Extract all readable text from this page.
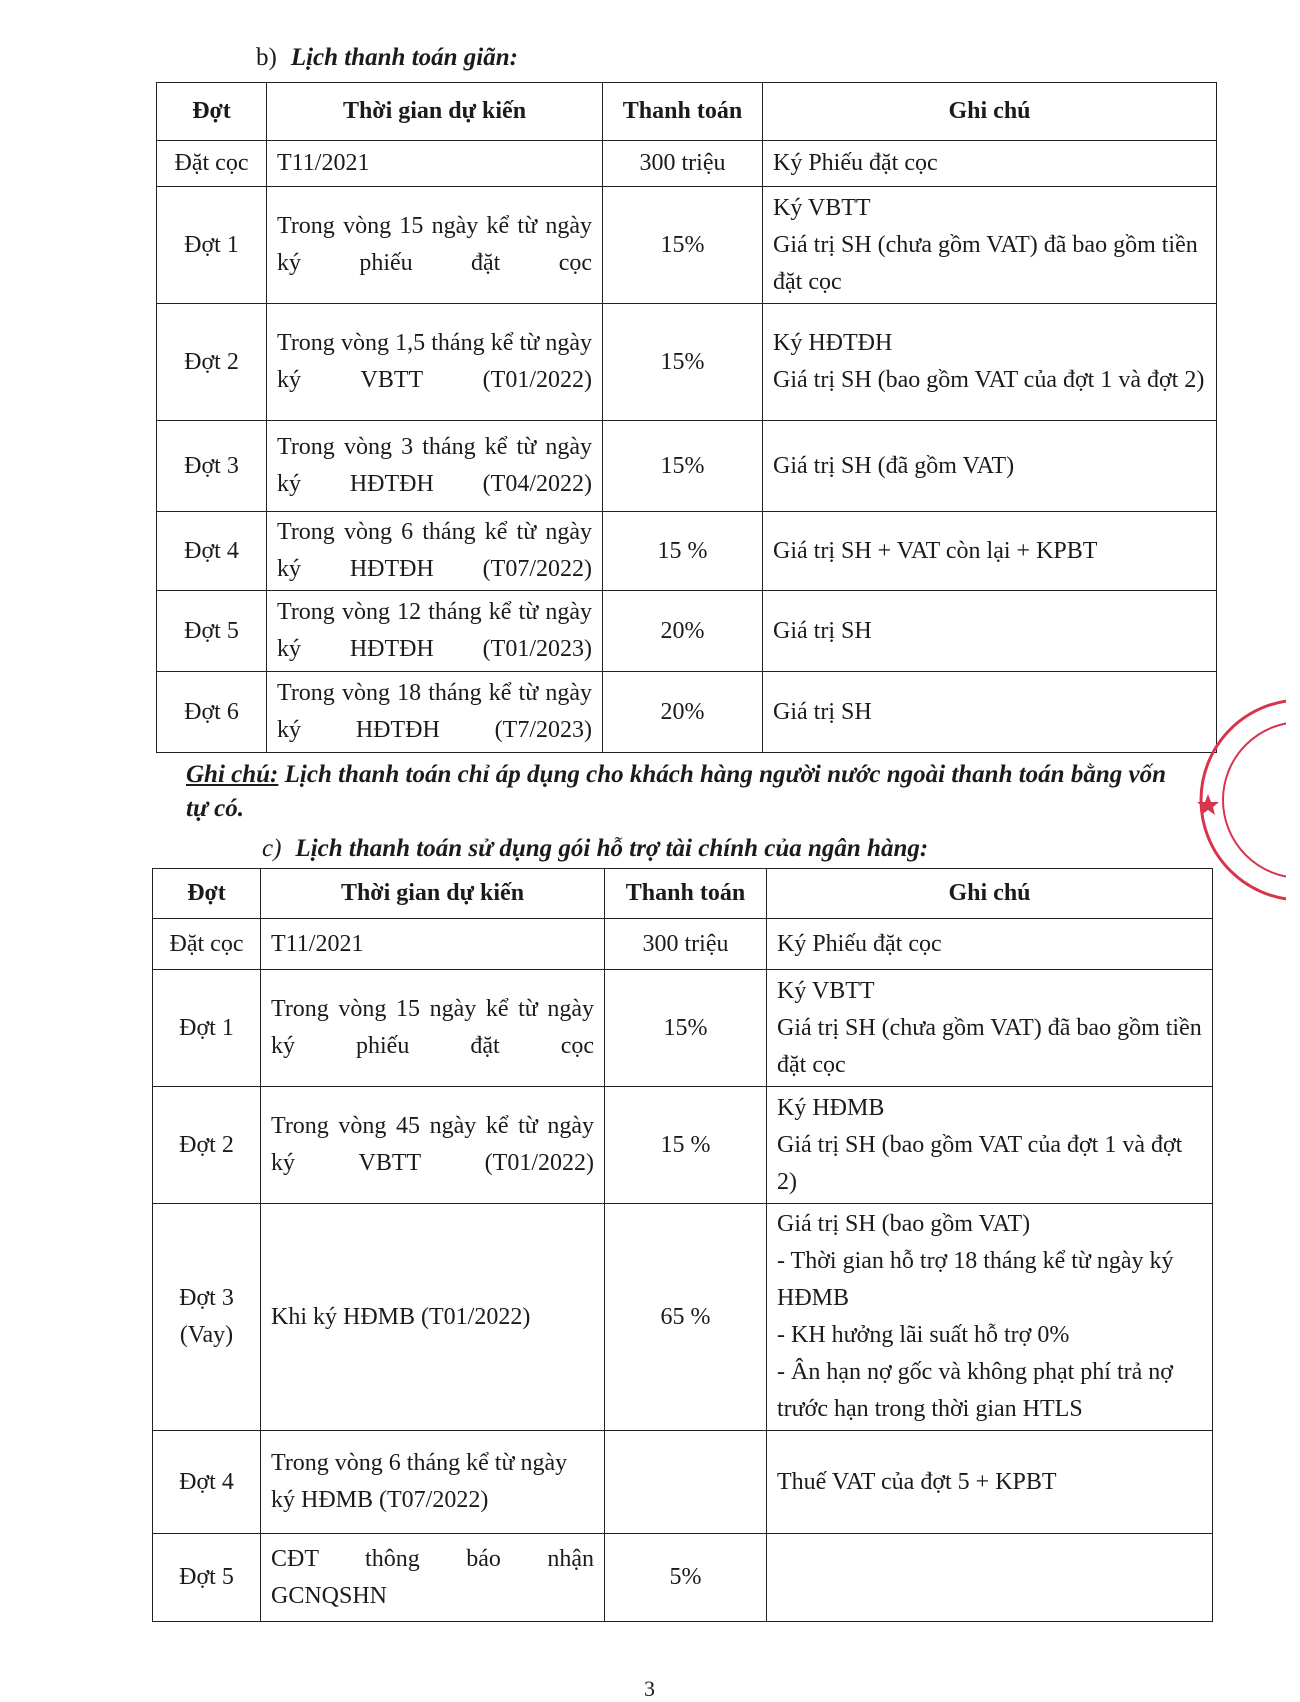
b) Lịch thanh toán giãn:
Đợt	Thời gian dự kiến	Thanh toán	Ghi chú
Đặt cọc	T11/2021	300 triệu	Ký Phiếu đặt cọc

Đợt 1	Trong vòng 15 ngày kể từ ngày ký phiếu đặt cọc	15%	Ký VBTT
Giá trị SH (chưa gồm VAT) đã bao gồm tiền đặt cọc

Đợt 2	Trong vòng 1,5 tháng kể từ ngày ký VBTT (T01/2022)	15%	Ký HĐTĐH
Giá trị SH (bao gồm VAT của đợt 1 và đợt 2)

Đợt 3	Trong vòng 3 tháng kể từ ngày ký HĐTĐH (T04/2022)	15%	Giá trị SH (đã gồm VAT)

Đợt 4	Trong vòng 6 tháng kể từ ngày ký HĐTĐH (T07/2022)	15 %	Giá trị SH + VAT còn lại + KPBT

Đợt 5	Trong vòng 12 tháng kể từ ngày ký HĐTĐH (T01/2023)	20%	Giá trị SH

Đợt 6	Trong vòng 18 tháng kể từ ngày ký HĐTĐH (T7/2023)	20%	Giá trị SH
Ghi chú: Lịch thanh toán chỉ áp dụng cho khách hàng người nước ngoài thanh toán bằng vốn tự có.
c) Lịch thanh toán sử dụng gói hỗ trợ tài chính của ngân hàng:
Đợt	Thời gian dự kiến	Thanh toán	Ghi chú

Đặt cọc	T11/2021	300 triệu	Ký Phiếu đặt cọc

Đợt 1	Trong vòng 15 ngày kể từ ngày ký phiếu đặt cọc	15%	Ký VBTT
Giá trị SH (chưa gồm VAT) đã bao gồm tiền đặt cọc

Đợt 2	Trong vòng 45 ngày kể từ ngày ký VBTT (T01/2022)	15 %	Ký HĐMB
Giá trị SH (bao gồm VAT của đợt 1 và đợt 2)

Đợt 3
(Vay)	Khi ký HĐMB (T01/2022)	65 %	Giá trị SH (bao gồm VAT)
- Thời gian hỗ trợ 18 tháng kể từ ngày ký HĐMB
- KH hưởng lãi suất hỗ trợ 0%
- Ân hạn nợ gốc và không phạt phí trả nợ trước hạn trong thời gian HTLS

Đợt 4	Trong vòng 6 tháng kể từ ngày ký HĐMB (T07/2022)		Thuế VAT của đợt 5 + KPBT

Đợt 5	CĐT thông báo nhận GCNQSHN	5%	
3
